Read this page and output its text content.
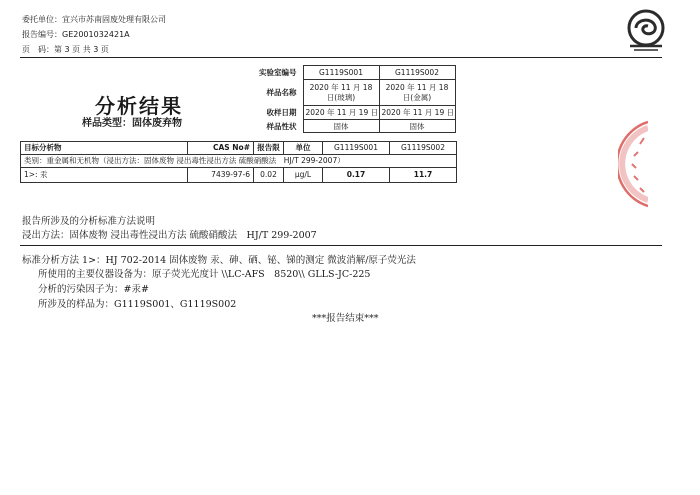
委托单位：宜兴市苏南固废处理有限公司
报告编号：GE2001032421A
页　码：第 3 页 共 3 页
分析结果
样品类型：固体废弃物
实验室编号	G1119S001	G1119S002
样品名称	2020 年 11 月 18 日(玻璃)	2020 年 11 月 18 日(金属)
收样日期	2020 年 11 月 19 日	2020 年 11 月 19 日
样品性状	固体	固体
目标分析物	CAS No#	报告限	单位	G1119S001	G1119S002
类别：重金属和无机物（浸出方法：固体废物 浸出毒性浸出方法 硫酸硝酸法　HJ/T 299-2007）					
1>: 汞	7439-97-6	0.02	μg/L	0.17	11.7
报告所涉及的分析标准方法说明
浸出方法：固体废物 浸出毒性浸出方法 硫酸硝酸法　HJ/T 299-2007
标准分析方法 1>：HJ 702-2014 固体废物 汞、砷、硒、铋、锑的测定 微波消解/原子荧光法
所使用的主要仪器设备为：原子荧光光度计 \\LC-AFS　8520\\ GLLS-JC-225
分析的污染因子为：#汞#
所涉及的样品为：G1119S001、G1119S002
***报告结束***
